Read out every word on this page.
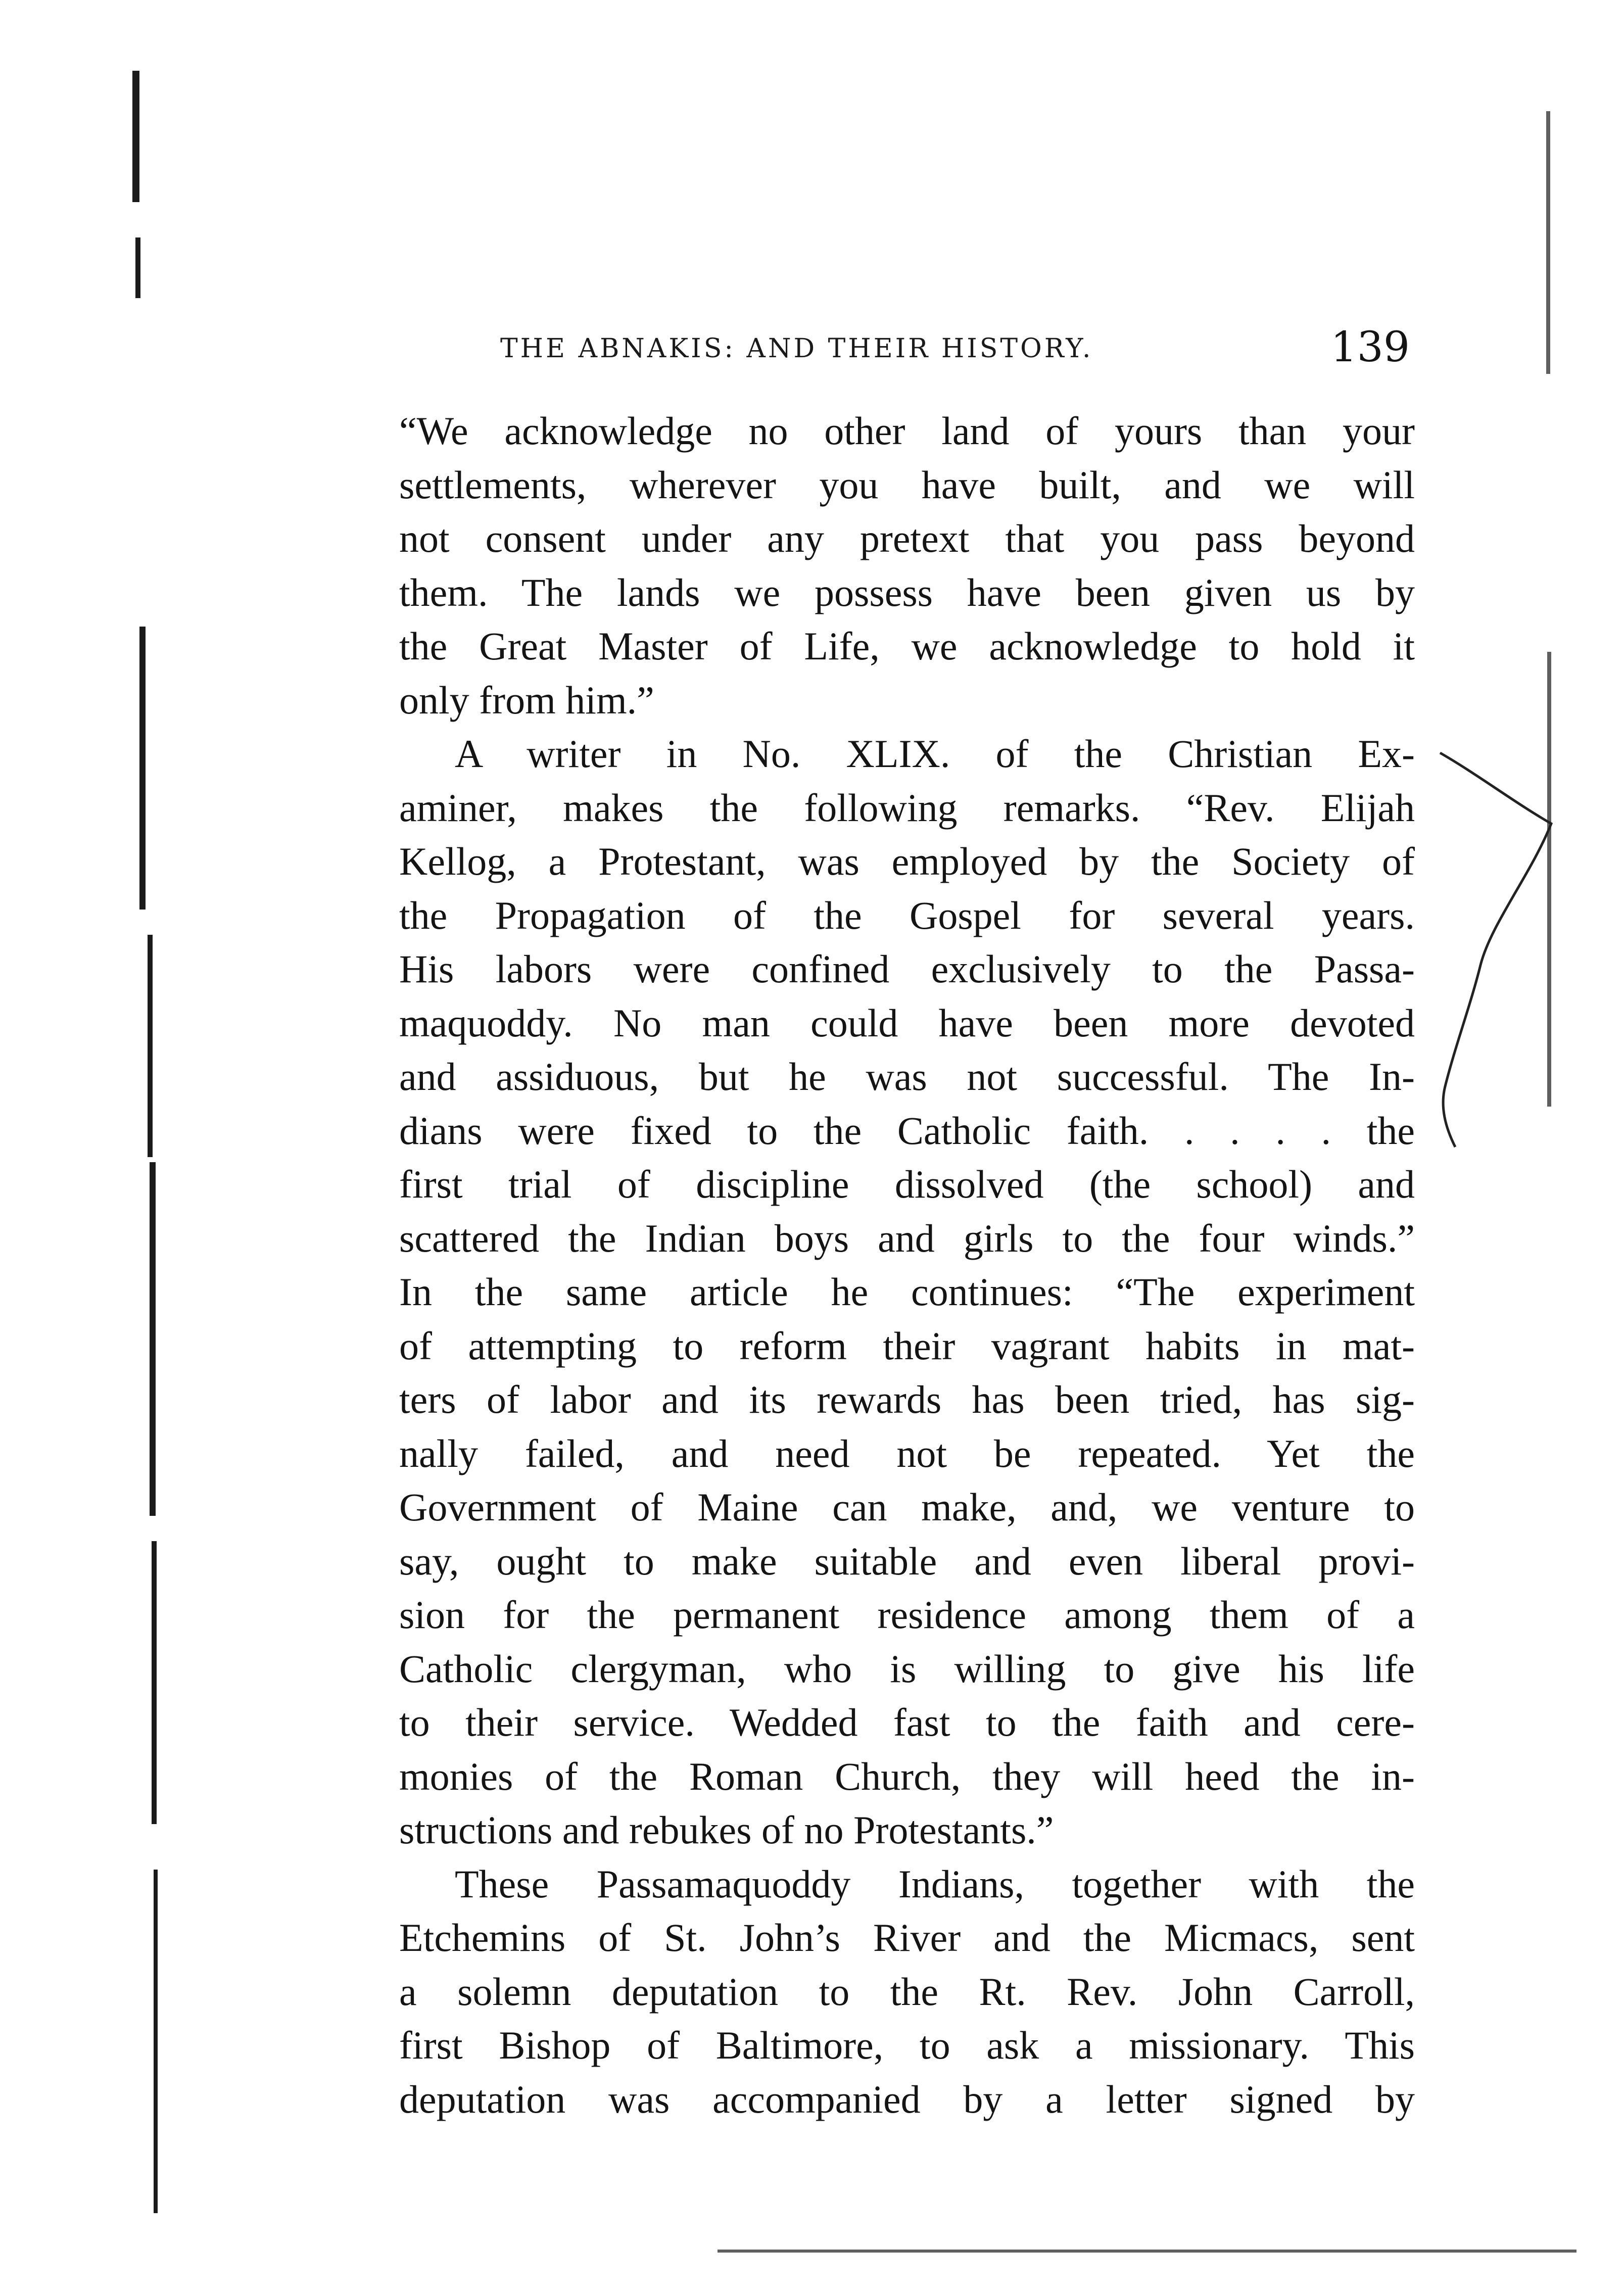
THE ABNAKIS: AND THEIR HISTORY.	139
“We acknowledge no other land of yours than your
settlements, wherever you have built, and we will
not consent under any pretext that you pass beyond
them. The lands we possess have been given us by
the Great Master of Life, we acknowledge to hold it
only from him.”
A writer in No. XLIX. of the Christian Ex-
aminer, makes the following remarks. “Rev. Elijah
Kellog, a Protestant, was employed by the Society of
the Propagation of the Gospel for several years.
His labors were confined exclusively to the Passa-
maquoddy. No man could have been more devoted
and assiduous, but he was not successful. The In-
dians were fixed to the Catholic faith. . . . . the
first trial of discipline dissolved (the school) and
scattered the Indian boys and girls to the four winds.”
In the same article he continues: “The experiment
of attempting to reform their vagrant habits in mat-
ters of labor and its rewards has been tried, has sig-
nally failed, and need not be repeated. Yet the
Government of Maine can make, and, we venture to
say, ought to make suitable and even liberal provi-
sion for the permanent residence among them of a
Catholic clergyman, who is willing to give his life
to their service. Wedded fast to the faith and cere-
monies of the Roman Church, they will heed the in-
structions and rebukes of no Protestants.”
These Passamaquoddy Indians, together with the
Etchemins of St. John’s River and the Micmacs, sent
a solemn deputation to the Rt. Rev. John Carroll,
first Bishop of Baltimore, to ask a missionary. This
deputation was accompanied by a letter signed by
